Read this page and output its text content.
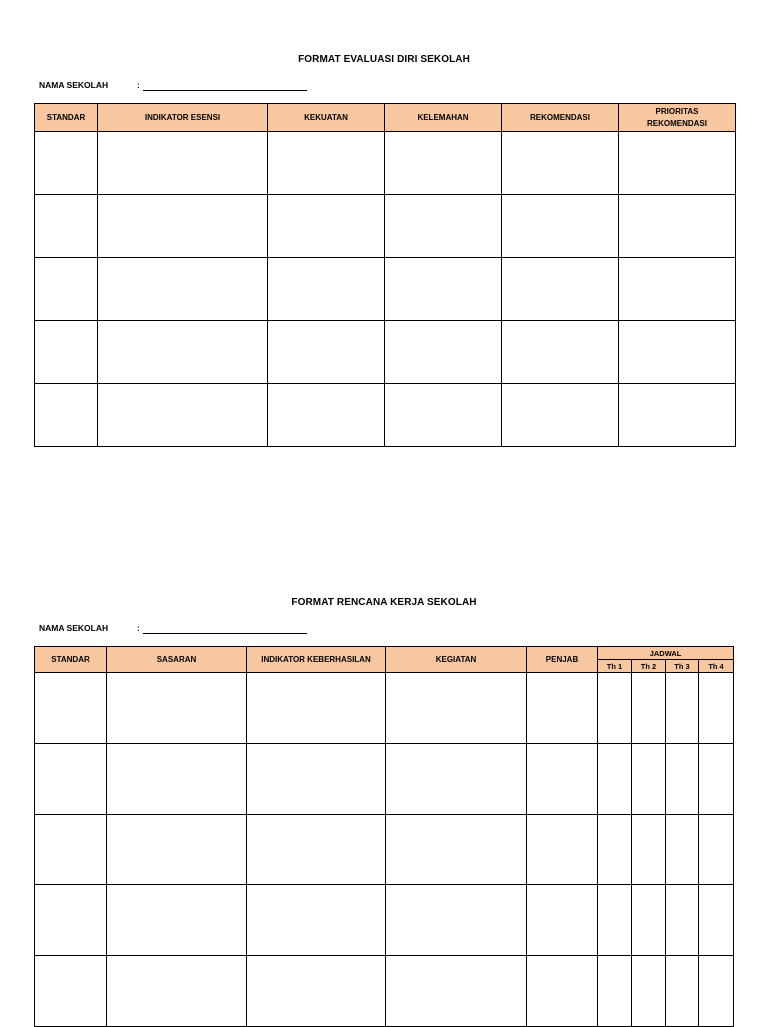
FORMAT EVALUASI DIRI SEKOLAH
NAMA SEKOLAH	:
STANDAR	INDIKATOR ESENSI	KEKUATAN	KELEMAHAN	REKOMENDASI	PRIORITAS REKOMENDASI

FORMAT RENCANA KERJA SEKOLAH
NAMA SEKOLAH	:
STANDAR	SASARAN	INDIKATOR KEBERHASILAN	KEGIATAN	PENJAB	JADWAL			
					Th 1	Th 2	Th 3	Th 4
